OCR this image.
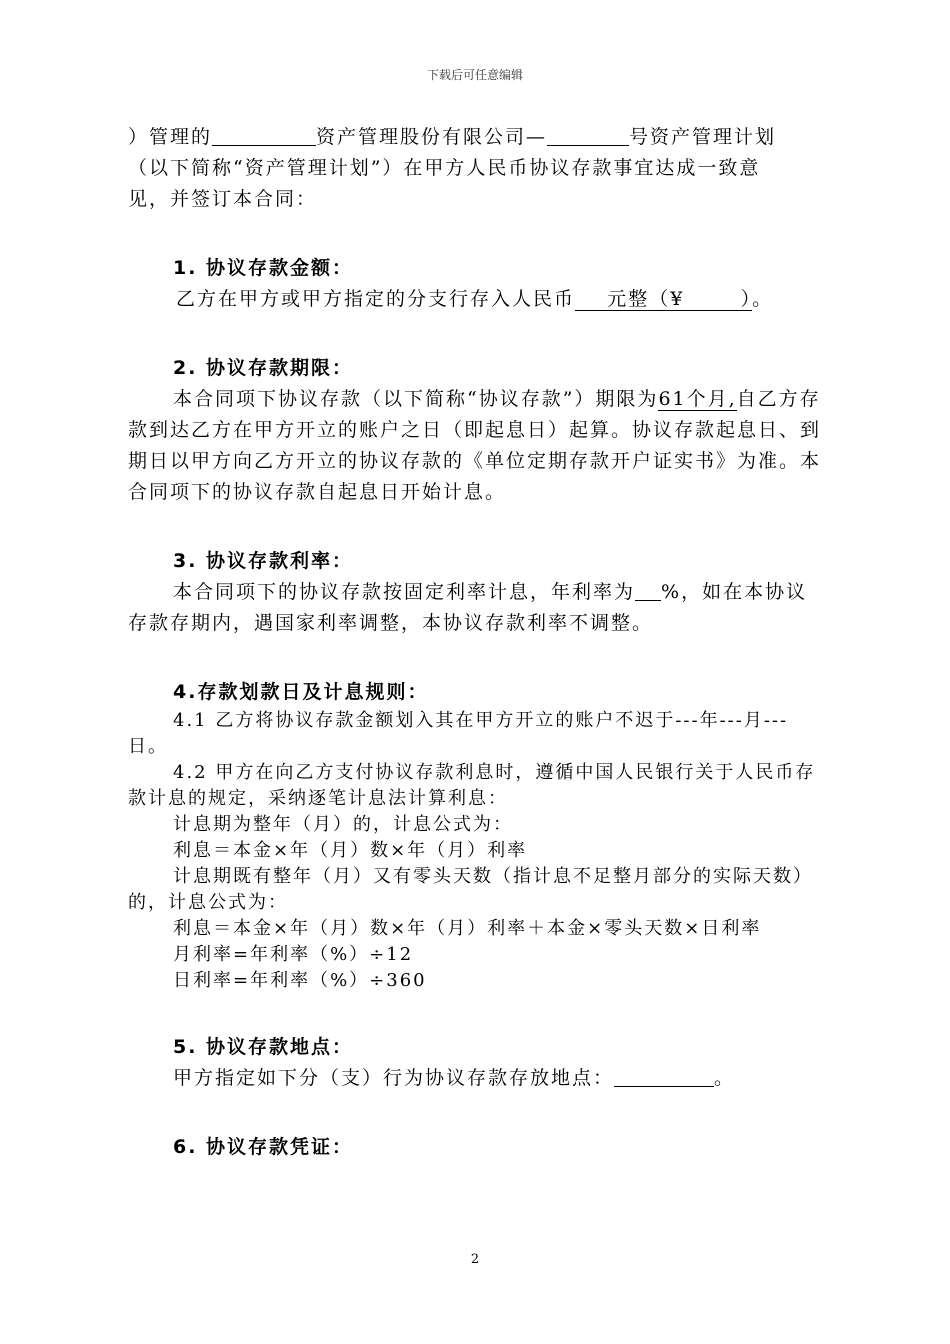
下载后可任意编辑

）管理的	资产管理股份有限公司—	号资产管理计划

（以下简称“资产管理计划”）在甲方人民币协议存款事宜达成一致意

见，并签订本合同：

1. 协议存款金额：

乙方在甲方或甲方指定的分支行存入人民币 元整（¥	）。

2. 协议存款期限：

本合同项下协议存款（以下简称“协议存款”）期限为61个月,自乙方存款到达乙方在甲方开立的账户之日（即起息日）起算。协议存款起息日、到期日以甲方向乙方开立的协议存款的《单位定期存款开户证实书》为准。本合同项下的协议存款自起息日开始计息。

3. 协议存款利率：

本合同项下的协议存款按固定利率计息，年利率为 %，如在本协议存款存期内，遇国家利率调整，本协议存款利率不调整。

4.存款划款日及计息规则：

4.1 乙方将协议存款金额划入其在甲方开立的账户不迟于---年---月---日。

4.2 甲方在向乙方支付协议存款利息时，遵循中国人民银行关于人民币存款计息的规定，采纳逐笔计息法计算利息：

计息期为整年（月）的，计息公式为：

利息＝本金×年（月）数×年（月）利率

计息期既有整年（月）又有零头天数（指计息不足整月部分的实际天数）的，计息公式为：

利息＝本金×年（月）数×年（月）利率＋本金×零头天数×日利率

月利率=年利率（%）÷12

日利率=年利率（%）÷360

5. 协议存款地点：

甲方指定如下分（支）行为协议存款存放地点：	。

6. 协议存款凭证：

2
